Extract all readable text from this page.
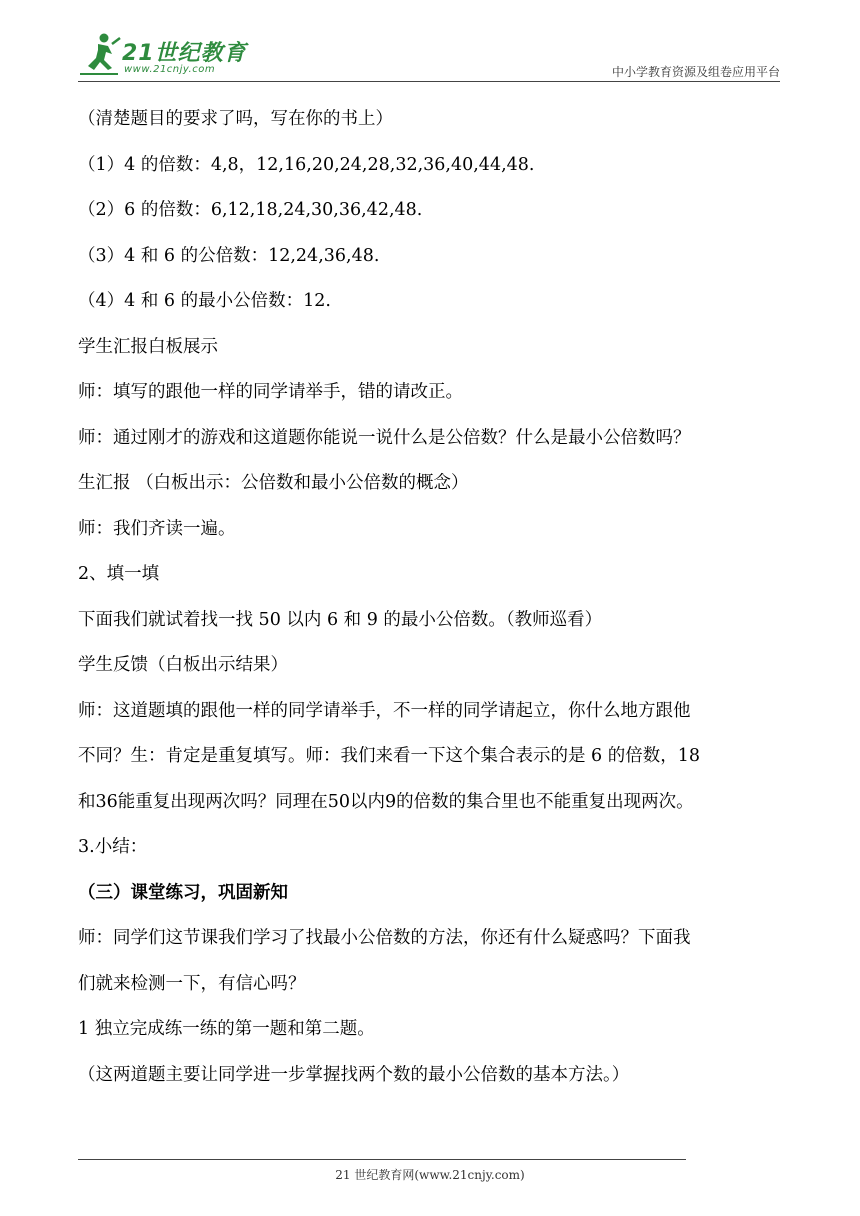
21世纪教育
www.21cnjy.com	中小学教育资源及组卷应用平台
（清楚题目的要求了吗，写在你的书上）
（1）4 的倍数：4,8，12,16,20,24,28,32,36,40,44,48.
（2）6 的倍数：6,12,18,24,30,36,42,48.
（3）4 和 6 的公倍数：12,24,36,48.
（4）4 和 6 的最小公倍数：12.
学生汇报白板展示
师：填写的跟他一样的同学请举手，错的请改正。
师：通过刚才的游戏和这道题你能说一说什么是公倍数？什么是最小公倍数吗？
生汇报 （白板出示：公倍数和最小公倍数的概念）
师：我们齐读一遍。
2、填一填
下面我们就试着找一找 50 以内 6 和 9 的最小公倍数。（教师巡看）
学生反馈（白板出示结果）
师：这道题填的跟他一样的同学请举手，不一样的同学请起立，你什么地方跟他
不同？生：肯定是重复填写。师：我们来看一下这个集合表示的是 6 的倍数，18
和36能重复出现两次吗？同理在50以内9的倍数的集合里也不能重复出现两次。
3.小结：
（三）课堂练习，巩固新知
师：同学们这节课我们学习了找最小公倍数的方法，你还有什么疑惑吗？下面我
们就来检测一下，有信心吗？
1 独立完成练一练的第一题和第二题。
（这两道题主要让同学进一步掌握找两个数的最小公倍数的基本方法。）
21 世纪教育网(www.21cnjy.com)
